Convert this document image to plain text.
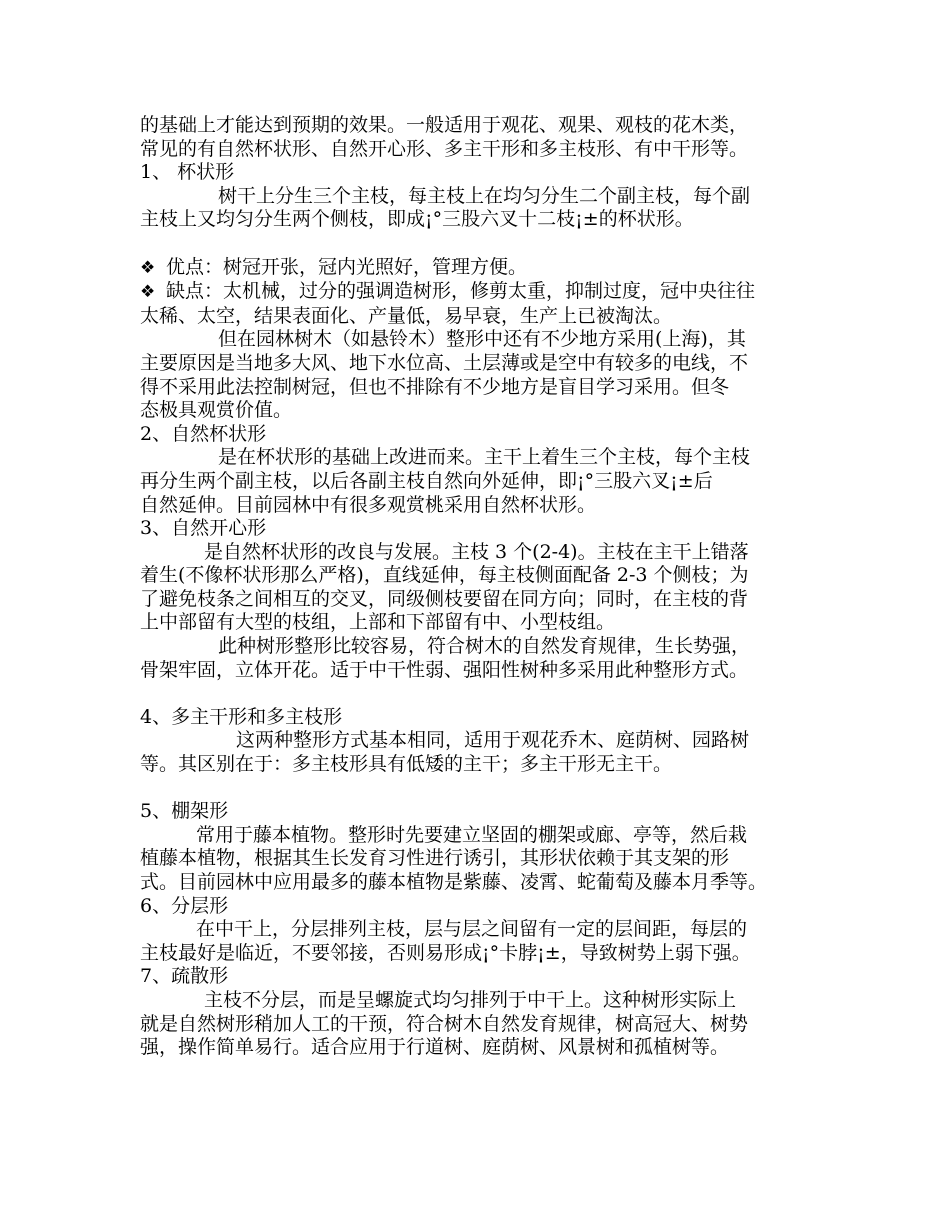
的基础上才能达到预期的效果。一般适用于观花、观果、观枝的花木类，
常见的有自然杯状形、自然开心形、多主干形和多主枝形、有中干形等。
1、 杯状形
树干上分生三个主枝，每主枝上在均匀分生二个副主枝，每个副
主枝上又均匀分生两个侧枝，即成¡°三股六叉十二枝¡±的杯状形。
❖ 优点：树冠开张，冠内光照好，管理方便。
❖ 缺点：太机械，过分的强调造树形，修剪太重，抑制过度，冠中央往往
太稀、太空，结果表面化、产量低，易早衰，生产上已被淘汰。
但在园林树木（如悬铃木）整形中还有不少地方采用(上海)，其
主要原因是当地多大风、地下水位高、土层薄或是空中有较多的电线，不
得不采用此法控制树冠，但也不排除有不少地方是盲目学习采用。但冬
态极具观赏价值。
2、自然杯状形
是在杯状形的基础上改进而来。主干上着生三个主枝，每个主枝
再分生两个副主枝，以后各副主枝自然向外延伸，即¡°三股六叉¡±后
自然延伸。目前园林中有很多观赏桃采用自然杯状形。
3、自然开心形
是自然杯状形的改良与发展。主枝 3 个(2-4)。主枝在主干上错落
着生(不像杯状形那么严格)，直线延伸，每主枝侧面配备 2-3 个侧枝；为
了避免枝条之间相互的交叉，同级侧枝要留在同方向；同时，在主枝的背
上中部留有大型的枝组，上部和下部留有中、小型枝组。
此种树形整形比较容易，符合树木的自然发育规律，生长势强，
骨架牢固，立体开花。适于中干性弱、强阳性树种多采用此种整形方式。
4、多主干形和多主枝形
这两种整形方式基本相同，适用于观花乔木、庭荫树、园路树
等。其区别在于：多主枝形具有低矮的主干；多主干形无主干。
5、棚架形
常用于藤本植物。整形时先要建立坚固的棚架或廊、亭等，然后栽
植藤本植物，根据其生长发育习性进行诱引，其形状依赖于其支架的形
式。目前园林中应用最多的藤本植物是紫藤、凌霄、蛇葡萄及藤本月季等。
6、分层形
在中干上，分层排列主枝，层与层之间留有一定的层间距，每层的
主枝最好是临近，不要邻接，否则易形成¡°卡脖¡±，导致树势上弱下强。
7、疏散形
主枝不分层，而是呈螺旋式均匀排列于中干上。这种树形实际上
就是自然树形稍加人工的干预，符合树木自然发育规律，树高冠大、树势
强，操作简单易行。适合应用于行道树、庭荫树、风景树和孤植树等。
